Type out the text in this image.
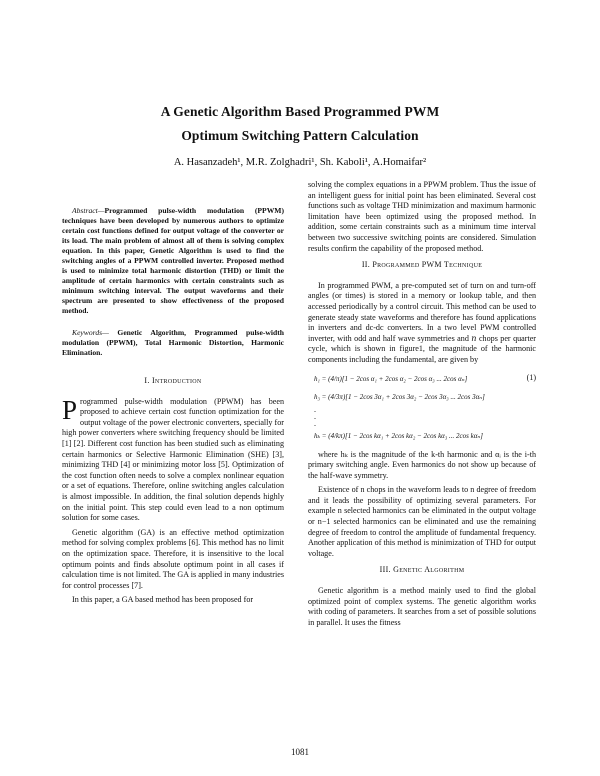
A Genetic Algorithm Based Programmed PWM
Optimum Switching Pattern Calculation
A. Hasanzadeh¹, M.R. Zolghadri¹, Sh. Kaboli¹, A.Homaifar²

Abstract—Programmed pulse-width modulation (PPWM) techniques have been developed by numerous authors to optimize certain cost functions defined for output voltage of the converter or its load. The main problem of almost all of them is solving complex equation. In this paper, Genetic Algorithm is used to find the switching angles of a PPWM controlled inverter. Proposed method is used to minimize total harmonic distortion (THD) or limit the amplitude of certain harmonics with certain constraints such as minimum switching interval. The output waveforms and their spectrum are presented to show effectiveness of the proposed method.

Keywords— Genetic Algorithm, Programmed pulse-width modulation (PPWM), Total Harmonic Distortion, Harmonic Elimination.

I. Introduction

Programmed pulse-width modulation (PPWM) has been proposed to achieve certain cost function optimization for the output voltage of the power electronic converters, specially for high power converters where switching frequency should be limited [1] [2]. Different cost function has been studied such as eliminating certain harmonics or Selective Harmonic Elimination (SHE) [3], minimizing THD [4] or minimizing motor loss [5]. Optimization of the cost function often needs to solve a complex nonlinear equation or a set of equations. Therefore, online switching angles calculation is almost impossible. In addition, the final solution depends highly on the initial point. This step could even lead to a non optimum solution for some cases.

Genetic algorithm (GA) is an effective method optimization method for solving complex problems [6]. This method has no limit on the optimization space. Therefore, it is insensitive to the local optimum points and finds absolute optimum point in all cases if calculation time is not limited. The GA is applied in many industries for control processes [7].

In this paper, a GA based method has been proposed for

solving the complex equations in a PPWM problem. Thus the issue of an intelligent guess for initial point has been eliminated. Several cost functions such as voltage THD minimization and maximum harmonic limitation have been optimized using the proposed method. In addition, some certain constraints such as a minimum time interval between two successive switching points are considered. Simulation results confirm the capability of the proposed method.

II. Programmed PWM Technique

In programmed PWM, a pre-computed set of turn on and turn-off angles (or times) is stored in a memory or lookup table, and then accessed periodically by a control circuit. This method can be used to generate steady state waveforms and therefore has found applications in inverters and dc-dc converters. In a two level PWM controlled inverter, with odd and half wave symmetries and 𝑛 chops per quarter cycle, which is shown in figure1, the magnitude of the harmonic components including the fundamental, are given by

h₁ = (4/π)[1 − 2cos α₁ + 2cos α₂ − 2cos α₃ ... 2cos αₙ]
h₃ = (4/3π)[1 − 2cos 3α₁ + 2cos 3α₂ − 2cos 3α₃ ... 2cos 3αₙ]
.
.
.
hₖ = (4/kπ)[1 − 2cos kα₁ + 2cos kα₂ − 2cos kα₃ ... 2cos kαₙ]
(1)

where hₖ is the magnitude of the k-th harmonic and αᵢ is the i-th primary switching angle. Even harmonics do not show up because of the half-wave symmetry.

Existence of n chops in the waveform leads to n degree of freedom and it leads the possibility of optimizing several parameters. For example n selected harmonics can be eliminated in the output voltage or n−1 selected harmonics can be eliminated and use the remaining degree of freedom to control the amplitude of fundamental frequency. Another application of this method is minimization of THD for output voltage.

III. Genetic Algorithm

Genetic algorithm is a method mainly used to find the global optimized point of complex systems. The genetic algorithm works with coding of parameters. It searches from a set of possible solutions in parallel. It uses the fitness

1081
